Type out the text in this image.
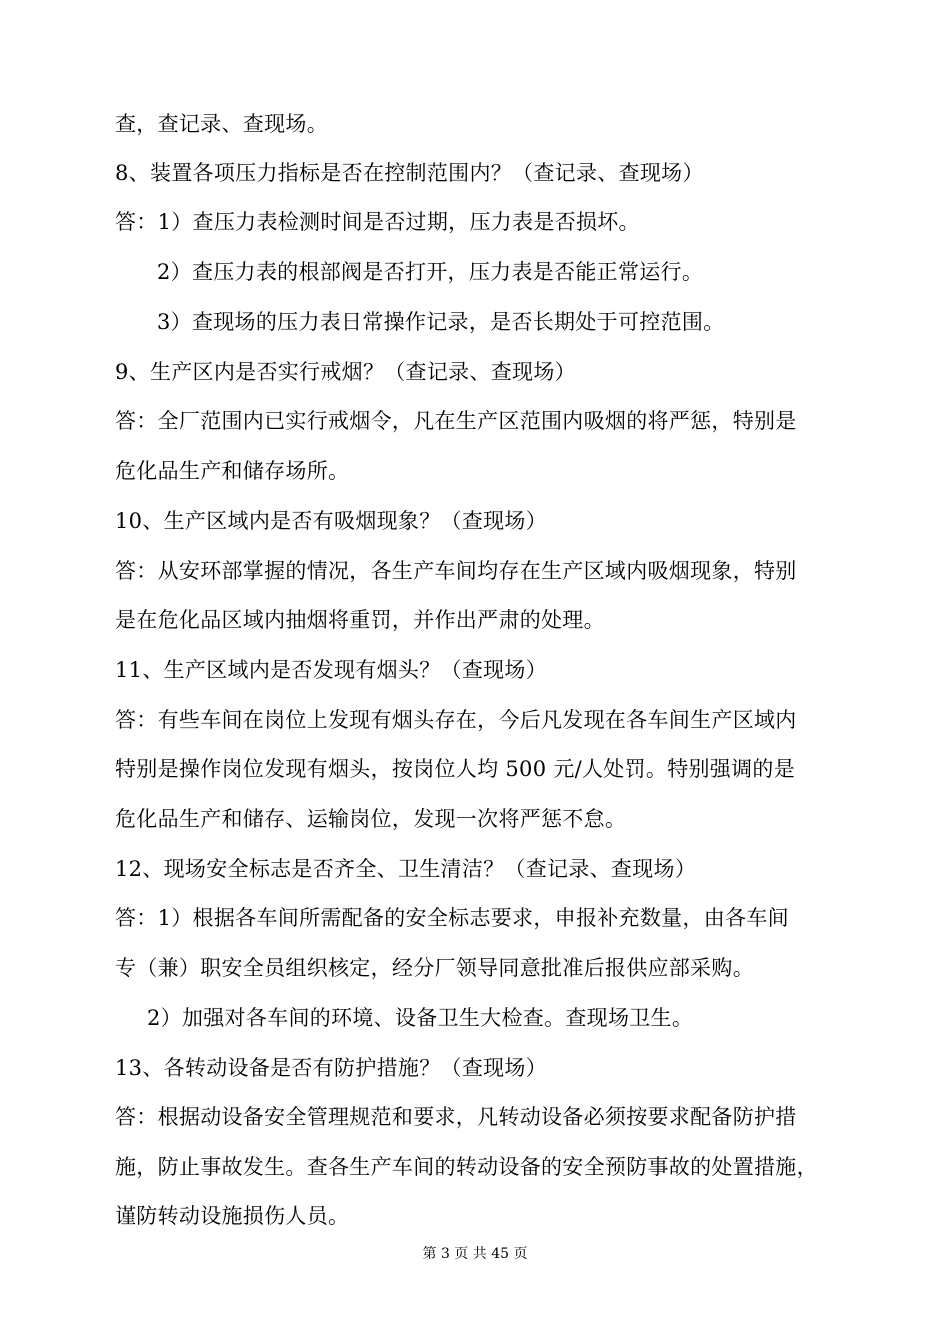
查，查记录、查现场。
8、装置各项压力指标是否在控制范围内？（查记录、查现场）
答：1）查压力表检测时间是否过期，压力表是否损坏。
2）查压力表的根部阀是否打开，压力表是否能正常运行。
3）查现场的压力表日常操作记录，是否长期处于可控范围。
9、生产区内是否实行戒烟？（查记录、查现场）
答：全厂范围内已实行戒烟令，凡在生产区范围内吸烟的将严惩，特别是
危化品生产和储存场所。
10、生产区域内是否有吸烟现象？（查现场）
答：从安环部掌握的情况，各生产车间均存在生产区域内吸烟现象，特别
是在危化品区域内抽烟将重罚，并作出严肃的处理。
11、生产区域内是否发现有烟头？（查现场）
答：有些车间在岗位上发现有烟头存在，今后凡发现在各车间生产区域内
特别是操作岗位发现有烟头，按岗位人均 500 元/人处罚。特别强调的是
危化品生产和储存、运输岗位，发现一次将严惩不怠。
12、现场安全标志是否齐全、卫生清洁？（查记录、查现场）
答：1）根据各车间所需配备的安全标志要求，申报补充数量，由各车间
专（兼）职安全员组织核定，经分厂领导同意批准后报供应部采购。
2）加强对各车间的环境、设备卫生大检查。查现场卫生。
13、各转动设备是否有防护措施？（查现场）
答：根据动设备安全管理规范和要求，凡转动设备必须按要求配备防护措
施，防止事故发生。查各生产车间的转动设备的安全预防事故的处置措施，
谨防转动设施损伤人员。
第 3 页 共 45 页
